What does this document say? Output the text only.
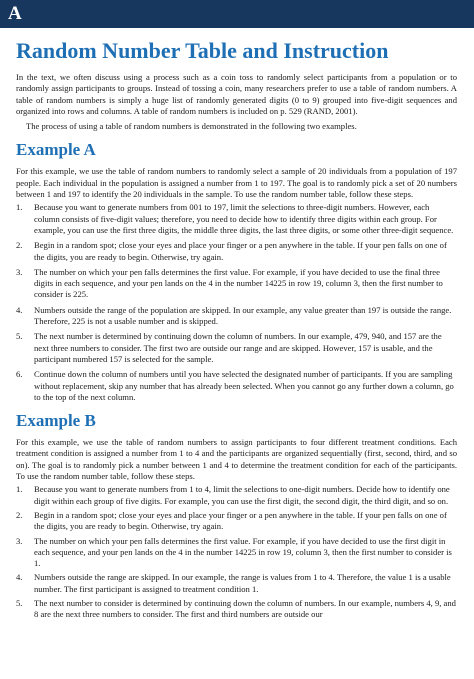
A
Random Number Table and Instruction

In the text, we often discuss using a process such as a coin toss to randomly select participants from a population or to randomly assign participants to groups. Instead of tossing a coin, many researchers prefer to use a table of random numbers. A table of random numbers is simply a huge list of randomly generated digits (0 to 9) grouped into five-digit sequences and organized into rows and columns. A table of random numbers is included on p. 529 (RAND, 2001).

The process of using a table of random numbers is demonstrated in the following two examples.

Example A

For this example, we use the table of random numbers to randomly select a sample of 20 individuals from a population of 197 people. Each individual in the population is assigned a number from 1 to 197. The goal is to randomly pick a set of 20 numbers between 1 and 197 to identify the 20 individuals in the sample. To use the random number table, follow these steps.

1. Because you want to generate numbers from 001 to 197, limit the selections to three-digit numbers. However, each column consists of five-digit values; therefore, you need to decide how to identify three digits within each group. For example, you can use the first three digits, the middle three digits, the last three digits, or some other three-digit sequence.
2. Begin in a random spot; close your eyes and place your finger or a pen anywhere in the table. If your pen falls on one of the digits, you are ready to begin. Otherwise, try again.
3. The number on which your pen falls determines the first value. For example, if you have decided to use the final three digits in each sequence, and your pen lands on the 4 in the number 14225 in row 19, column 3, then the first number to consider is 225.
4. Numbers outside the range of the population are skipped. In our example, any value greater than 197 is outside the range. Therefore, 225 is not a usable number and is skipped.
5. The next number is determined by continuing down the column of numbers. In our example, 479, 940, and 157 are the next three numbers to consider. The first two are outside our range and are skipped. However, 157 is usable, and the participant numbered 157 is selected for the sample.
6. Continue down the column of numbers until you have selected the designated number of participants. If you are sampling without replacement, skip any number that has already been selected. When you cannot go any further down a column, go to the top of the next column.
Example B

For this example, we use the table of random numbers to assign participants to four different treatment conditions. Each treatment condition is assigned a number from 1 to 4 and the participants are organized sequentially (first, second, third, and so on). The goal is to randomly pick a number between 1 and 4 to determine the treatment condition for each of the participants. To use the random number table, follow these steps.

1. Because you want to generate numbers from 1 to 4, limit the selections to one-digit numbers. Decide how to identify one digit within each group of five digits. For example, you can use the first digit, the second digit, the third digit, and so on.
2. Begin in a random spot; close your eyes and place your finger or a pen anywhere in the table. If your pen falls on one of the digits, you are ready to begin. Otherwise, try again.
3. The number on which your pen falls determines the first value. For example, if you have decided to use the first digit in each sequence, and your pen lands on the 4 in the number 14225 in row 19, column 3, then the first number to consider is 1.
4. Numbers outside the range are skipped. In our example, the range is values from 1 to 4. Therefore, the value 1 is a usable number. The first participant is assigned to treatment condition 1.
5. The next number to consider is determined by continuing down the column of numbers. In our example, numbers 4, 9, and 8 are the next three numbers to consider. The first and third numbers are outside our
